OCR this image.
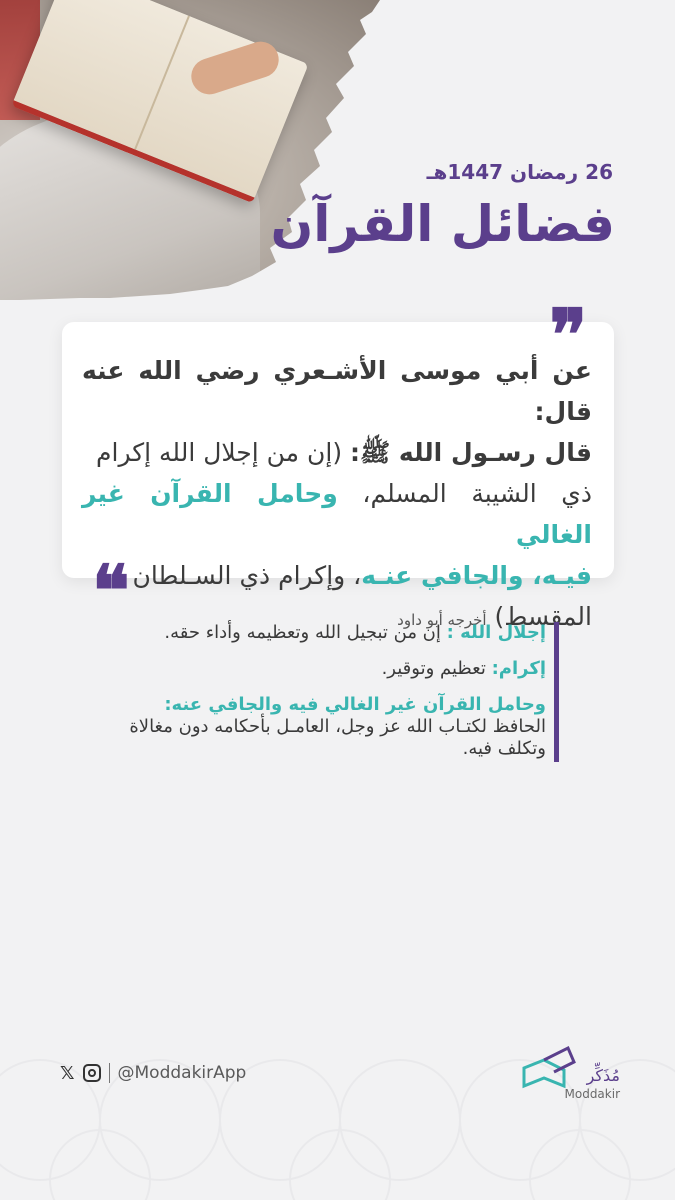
26 رمضان 1447هـ
فضائل القرآن
عن أبي موسى الأشـعري رضي الله عنه قال:
قال رسـول الله ﷺ: (إن من إجلال الله إكرام
ذي الشيبة المسلم، وحامل القرآن غير الغالي
فيـه، والجافي عنـه، وإكرام ذي السـلطان
المقسط) أخرجه أبو داود
❞
❝

إجلال الله : إن من تبجيل الله وتعظيمه وأداء حقه.

إكرام: تعظيم وتوقير.

وحامل القرآن غير الغالي فيه والجافي عنه: الحافظ لكتـاب الله عز وجل، العامـل بأحكامه دون مغالاة وتكلف فيه.

𝕏	@ModdakirApp	مُذَكِّر
Moddakir
